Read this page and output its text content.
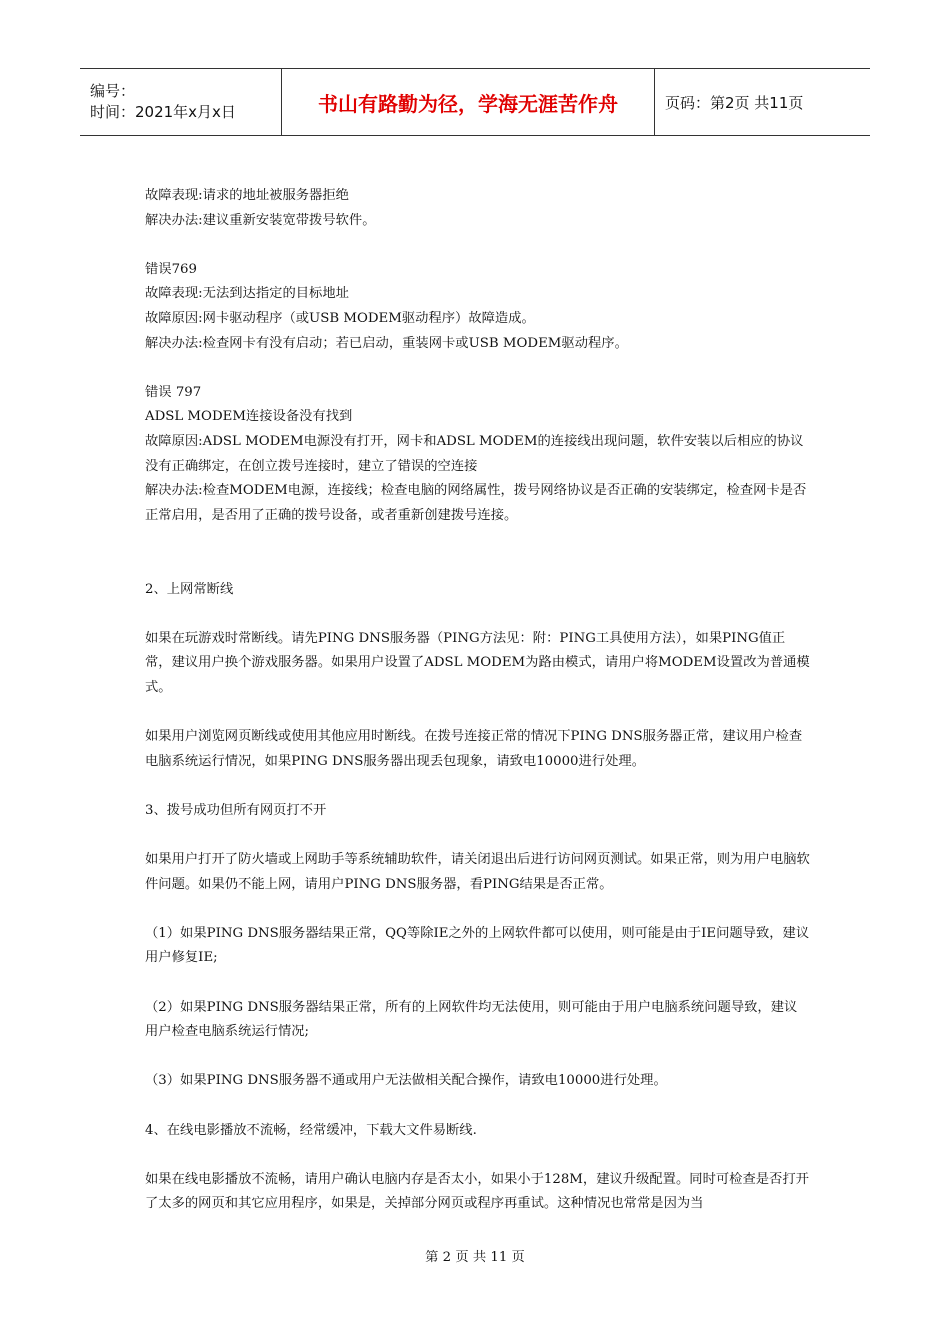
编号：
时间：2021年x月x日	书山有路勤为径，学海无涯苦作舟	页码：第2页 共11页

故障表现:请求的地址被服务器拒绝

解决办法:建议重新安装宽带拨号软件。

错误769

故障表现:无法到达指定的目标地址

故障原因:网卡驱动程序（或USB MODEM驱动程序）故障造成。

解决办法:检查网卡有没有启动；若已启动，重装网卡或USB MODEM驱动程序。

错误 797

ADSL MODEM连接设备没有找到

故障原因:ADSL MODEM电源没有打开，网卡和ADSL MODEM的连接线出现问题，软件安装以后相应的协议没有正确绑定，在创立拨号连接时，建立了错误的空连接

解决办法:检查MODEM电源，连接线；检查电脑的网络属性，拨号网络协议是否正确的安装绑定，检查网卡是否正常启用，是否用了正确的拨号设备，或者重新创建拨号连接。

2、上网常断线

如果在玩游戏时常断线。请先PING DNS服务器（PING方法见：附：PING工具使用方法），如果PING值正常，建议用户换个游戏服务器。如果用户设置了ADSL MODEM为路由模式，请用户将MODEM设置改为普通模式。

如果用户浏览网页断线或使用其他应用时断线。在拨号连接正常的情况下PING DNS服务器正常，建议用户检查电脑系统运行情况，如果PING DNS服务器出现丢包现象，请致电10000进行处理。

3、拨号成功但所有网页打不开

如果用户打开了防火墙或上网助手等系统辅助软件，请关闭退出后进行访问网页测试。如果正常，则为用户电脑软件问题。如果仍不能上网，请用户PING DNS服务器，看PING结果是否正常。

（1）如果PING DNS服务器结果正常，QQ等除IE之外的上网软件都可以使用，则可能是由于IE问题导致，建议用户修复IE;

（2）如果PING DNS服务器结果正常，所有的上网软件均无法使用，则可能由于用户电脑系统问题导致，建议用户检查电脑系统运行情况;

（3）如果PING DNS服务器不通或用户无法做相关配合操作，请致电10000进行处理。

4、在线电影播放不流畅，经常缓冲，下载大文件易断线.

如果在线电影播放不流畅，请用户确认电脑内存是否太小，如果小于128M，建议升级配置。同时可检查是否打开了太多的网页和其它应用程序，如果是，关掉部分网页或程序再重试。这种情况也常常是因为当

第 2 页 共 11 页
